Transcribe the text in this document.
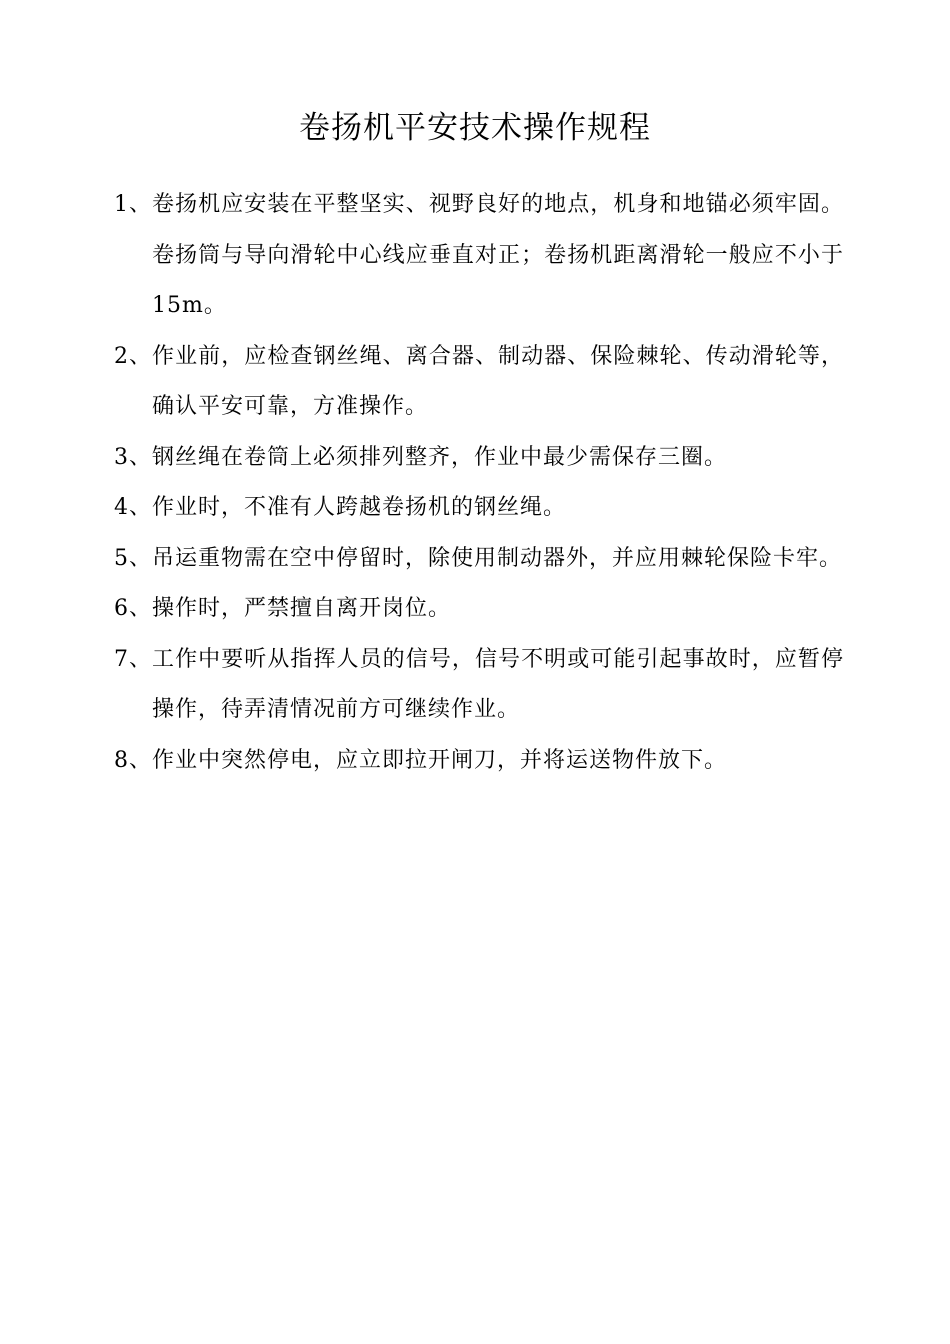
卷扬机平安技术操作规程
1、 卷扬机应安装在平整坚实、视野良好的地点，机身和地锚必须牢固。卷扬筒与导向滑轮中心线应垂直对正；卷扬机距离滑轮一般应不小于15m。
2、 作业前，应检查钢丝绳、离合器、制动器、保险棘轮、传动滑轮等，确认平安可靠，方准操作。
3、 钢丝绳在卷筒上必须排列整齐，作业中最少需保存三圈。
4、 作业时，不准有人跨越卷扬机的钢丝绳。
5、 吊运重物需在空中停留时，除使用制动器外，并应用棘轮保险卡牢。
6、 操作时，严禁擅自离开岗位。
7、 工作中要听从指挥人员的信号，信号不明或可能引起事故时，应暂停操作，待弄清情况前方可继续作业。
8、 作业中突然停电，应立即拉开闸刀，并将运送物件放下。
